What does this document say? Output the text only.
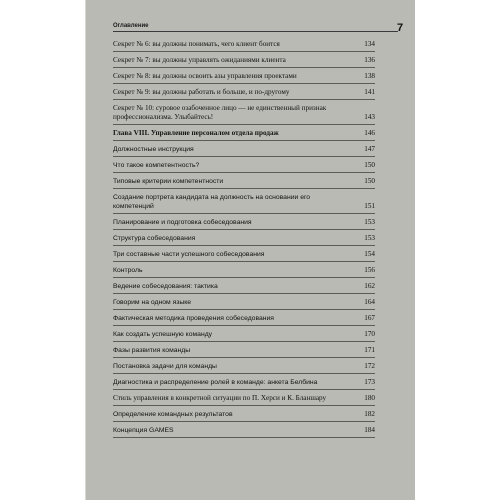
Оглавление	7
Секрет № 6: вы должны понимать, чего клиент боится	134
Секрет № 7: вы должны управлять ожиданиями клиента	136
Секрет № 8: вы должны освоить азы управления проектами	138
Секрет № 9: вы должны работать и больше, и по-другому	141
Секрет № 10: суровое озабоченное лицо — не единственный признак профессионализма. Улыбайтесь!	143
Глава VIII. Управление персоналом отдела продаж	146
Должностные инструкция	147
Что такое компетентность?	150
Типовые критерии компетентности	150
Создание портрета кандидата на должность на основании его компетенций	151
Планирование и подготовка собеседования	153
Структура собеседования	153
Три составные части успешного собеседования	154
Контроль	156
Ведение собеседования: тактика	162
Говорим на одном языке	164
Фактическая методика проведения собеседования	167
Как создать успешную команду	170
Фазы развития команды	171
Постановка задачи для команды	172
Диагностика и распределение ролей в команде: анкета Белбина	173
Стиль управления в конкретной ситуации по П. Херси и К. Бланшару	180
Определение командных результатов	182
Концепция GAMES	184
